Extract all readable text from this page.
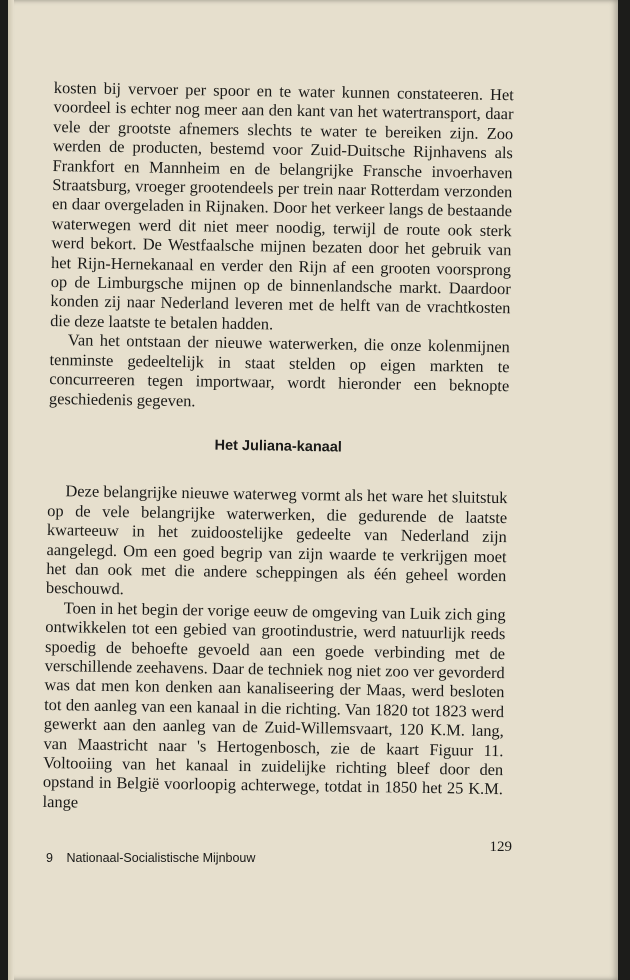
kosten bij vervoer per spoor en te water kunnen constateeren. Het voordeel is echter nog meer aan den kant van het watertransport, daar vele der grootste afnemers slechts te water te bereiken zijn. Zoo werden de producten, bestemd voor Zuid-Duitsche Rijnhavens als Frankfort en Mannheim en de belangrijke Fransche invoerhaven Straatsburg, vroeger grootendeels per trein naar Rotterdam verzonden en daar overgeladen in Rijnaken. Door het verkeer langs de bestaande waterwegen werd dit niet meer noodig, terwijl de route ook sterk werd bekort. De Westfaalsche mijnen bezaten door het gebruik van het Rijn-Hernekanaal en verder den Rijn af een grooten voorsprong op de Limburgsche mijnen op de binnenlandsche markt. Daardoor konden zij naar Nederland leveren met de helft van de vrachtkosten die deze laatste te betalen hadden.

Van het ontstaan der nieuwe waterwerken, die onze kolenmijnen tenminste gedeeltelijk in staat stelden op eigen markten te concurreeren tegen importwaar, wordt hieronder een beknopte geschiedenis gegeven.

Het Juliana-kanaal

Deze belangrijke nieuwe waterweg vormt als het ware het sluitstuk op de vele belangrijke waterwerken, die gedurende de laatste kwarteeuw in het zuidoostelijke gedeelte van Nederland zijn aangelegd. Om een goed begrip van zijn waarde te verkrijgen moet het dan ook met die andere scheppingen als één geheel worden beschouwd.

Toen in het begin der vorige eeuw de omgeving van Luik zich ging ontwikkelen tot een gebied van grootindustrie, werd natuurlijk reeds spoedig de behoefte gevoeld aan een goede verbinding met de verschillende zeehavens. Daar de techniek nog niet zoo ver gevorderd was dat men kon denken aan kanaliseering der Maas, werd besloten tot den aanleg van een kanaal in die richting. Van 1820 tot 1823 werd gewerkt aan den aanleg van de Zuid-Willemsvaart, 120 K.M. lang, van Maastricht naar 's Hertogenbosch, zie de kaart Figuur 11. Voltooiing van het kanaal in zuidelijke richting bleef door den opstand in België voorloopig achterwege, totdat in 1850 het 25 K.M. lange

9 Nationaal-Socialistische Mijnbouw
129
